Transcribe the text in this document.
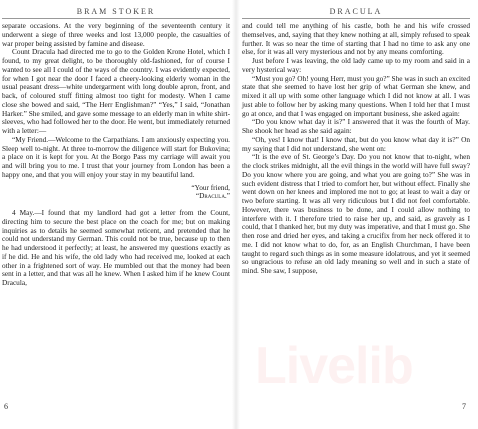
BRAM STOKER

separate occasions. At the very beginning of the seventeenth century it underwent a siege of three weeks and lost 13,000 people, the casualties of war proper being assisted by famine and disease.

Count Dracula had directed me to go to the Golden Krone Hotel, which I found, to my great delight, to be thoroughly old-fashioned, for of course I wanted to see all I could of the ways of the country. I was evidently expected, for when I got near the door I faced a cheery-looking elderly woman in the usual peasant dress—white undergarment with long double apron, front, and back, of coloured stuff fitting almost too tight for modesty. When I came close she bowed and said, “The Herr Englishman?” “Yes,” I said, “Jonathan Harker.” She smiled, and gave some message to an elderly man in white shirt-sleeves, who had followed her to the door. He went, but immediately returned with a letter:—

“My Friend.—Welcome to the Carpathians. I am anxiously expecting you. Sleep well to-night. At three to-morrow the diligence will start for Bukovina; a place on it is kept for you. At the Borgo Pass my carriage will await you and will bring you to me. I trust that your journey from London has been a happy one, and that you will enjoy your stay in my beautiful land.

“Your friend,

“Dracula.”

4 May.—I found that my landlord had got a letter from the Count, directing him to secure the best place on the coach for me; but on making inquiries as to details he seemed somewhat reticent, and pretended that he could not understand my German. This could not be true, because up to then he had understood it perfectly; at least, he answered my questions exactly as if he did. He and his wife, the old lady who had received me, looked at each other in a frightened sort of way. He mumbled out that the money had been sent in a letter, and that was all he knew. When I asked him if he knew Count Dracula,

6
DRACULA

and could tell me anything of his castle, both he and his wife crossed themselves, and, saying that they knew nothing at all, simply refused to speak further. It was so near the time of starting that I had no time to ask any one else, for it was all very mysterious and not by any means comforting.

Just before I was leaving, the old lady came up to my room and said in a very hysterical way:

“Must you go? Oh! young Herr, must you go?” She was in such an excited state that she seemed to have lost her grip of what German she knew, and mixed it all up with some other language which I did not know at all. I was just able to follow her by asking many questions. When I told her that I must go at once, and that I was engaged on important business, she asked again:

“Do you know what day it is?” I answered that it was the fourth of May. She shook her head as she said again:

“Oh, yes! I know that! I know that, but do you know what day it is?” On my saying that I did not understand, she went on:

“It is the eve of St. George’s Day. Do you not know that to-night, when the clock strikes midnight, all the evil things in the world will have full sway? Do you know where you are going, and what you are going to?” She was in such evident distress that I tried to comfort her, but without effect. Finally she went down on her knees and implored me not to go; at least to wait a day or two before starting. It was all very ridiculous but I did not feel comfortable. However, there was business to be done, and I could allow nothing to interfere with it. I therefore tried to raise her up, and said, as gravely as I could, that I thanked her, but my duty was imperative, and that I must go. She then rose and dried her eyes, and taking a crucifix from her neck offered it to me. I did not know what to do, for, as an English Churchman, I have been taught to regard such things as in some measure idolatrous, and yet it seemed so ungracious to refuse an old lady meaning so well and in such a state of mind. She saw, I suppose,

7
